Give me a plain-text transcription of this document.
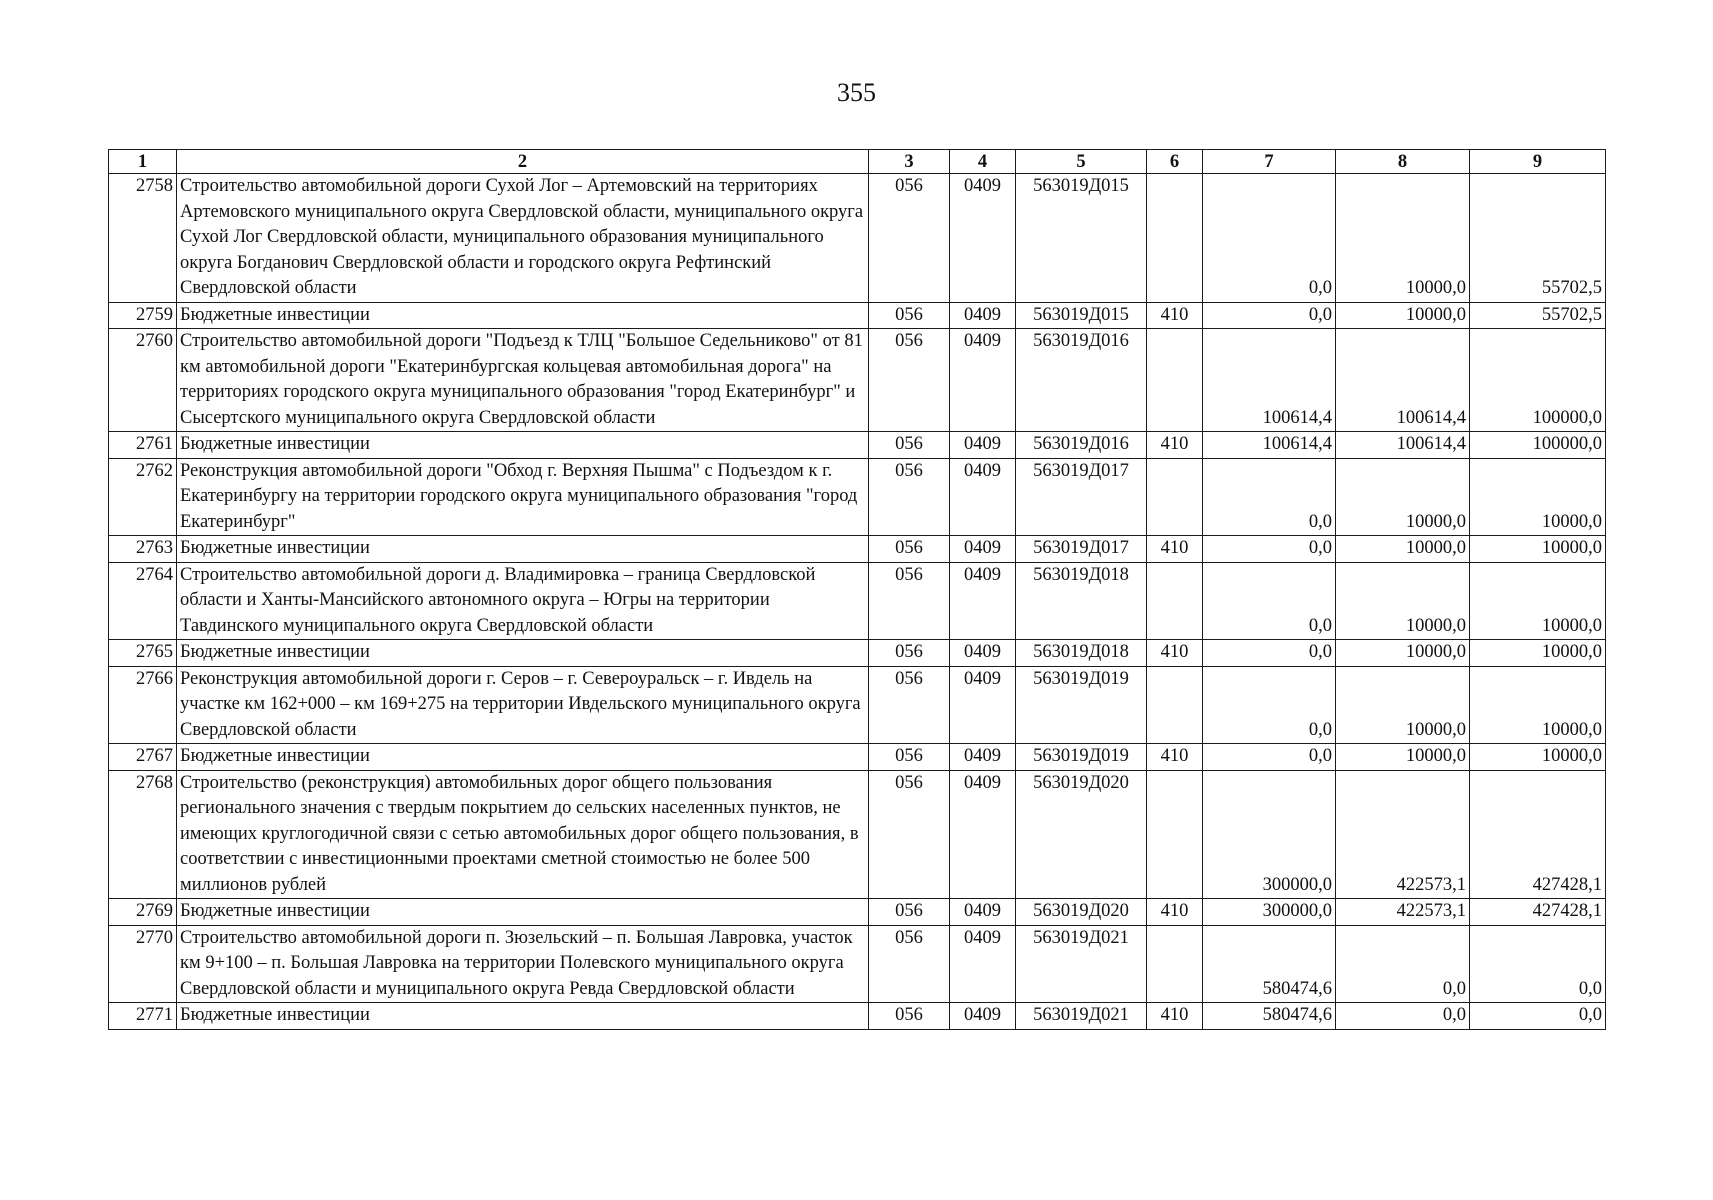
355
1	2	3	4	5	6	7	8	9
2758	Строительство автомобильной дороги Сухой Лог – Артемовский на территориях Артемовского муниципального округа Свердловской области, муниципального округа Сухой Лог Свердловской области, муниципального образования муниципального округа Богданович Свердловской области и городского округа Рефтинский Свердловской области	056	0409	563019Д015		0,0	10000,0	55702,5
2759	Бюджетные инвестиции	056	0409	563019Д015	410	0,0	10000,0	55702,5
2760	Строительство автомобильной дороги "Подъезд к ТЛЦ "Большое Седельниково" от 81 км автомобильной дороги "Екатеринбургская кольцевая автомобильная дорога" на территориях городского округа муниципального образования "город Екатеринбург" и Сысертского муниципального округа Свердловской области	056	0409	563019Д016		100614,4	100614,4	100000,0
2761	Бюджетные инвестиции	056	0409	563019Д016	410	100614,4	100614,4	100000,0
2762	Реконструкция автомобильной дороги "Обход г. Верхняя Пышма" с Подъездом к г. Екатеринбургу на территории городского округа муниципального образования "город Екатеринбург"	056	0409	563019Д017		0,0	10000,0	10000,0
2763	Бюджетные инвестиции	056	0409	563019Д017	410	0,0	10000,0	10000,0
2764	Строительство автомобильной дороги д. Владимировка – граница Свердловской области и Ханты-Мансийского автономного округа – Югры на территории Тавдинского муниципального округа Свердловской области	056	0409	563019Д018		0,0	10000,0	10000,0
2765	Бюджетные инвестиции	056	0409	563019Д018	410	0,0	10000,0	10000,0
2766	Реконструкция автомобильной дороги г. Серов – г. Североуральск – г. Ивдель на участке км 162+000 – км 169+275 на территории Ивдельского муниципального округа Свердловской области	056	0409	563019Д019		0,0	10000,0	10000,0
2767	Бюджетные инвестиции	056	0409	563019Д019	410	0,0	10000,0	10000,0
2768	Строительство (реконструкция) автомобильных дорог общего пользования регионального значения с твердым покрытием до сельских населенных пунктов, не имеющих круглогодичной связи с сетью автомобильных дорог общего пользования, в соответствии с инвестиционными проектами сметной стоимостью не более 500 миллионов рублей	056	0409	563019Д020		300000,0	422573,1	427428,1
2769	Бюджетные инвестиции	056	0409	563019Д020	410	300000,0	422573,1	427428,1
2770	Строительство автомобильной дороги п. Зюзельский – п. Большая Лавровка, участок км 9+100 – п. Большая Лавровка на территории Полевского муниципального округа Свердловской области и муниципального округа Ревда Свердловской области	056	0409	563019Д021		580474,6	0,0	0,0
2771	Бюджетные инвестиции	056	0409	563019Д021	410	580474,6	0,0	0,0
